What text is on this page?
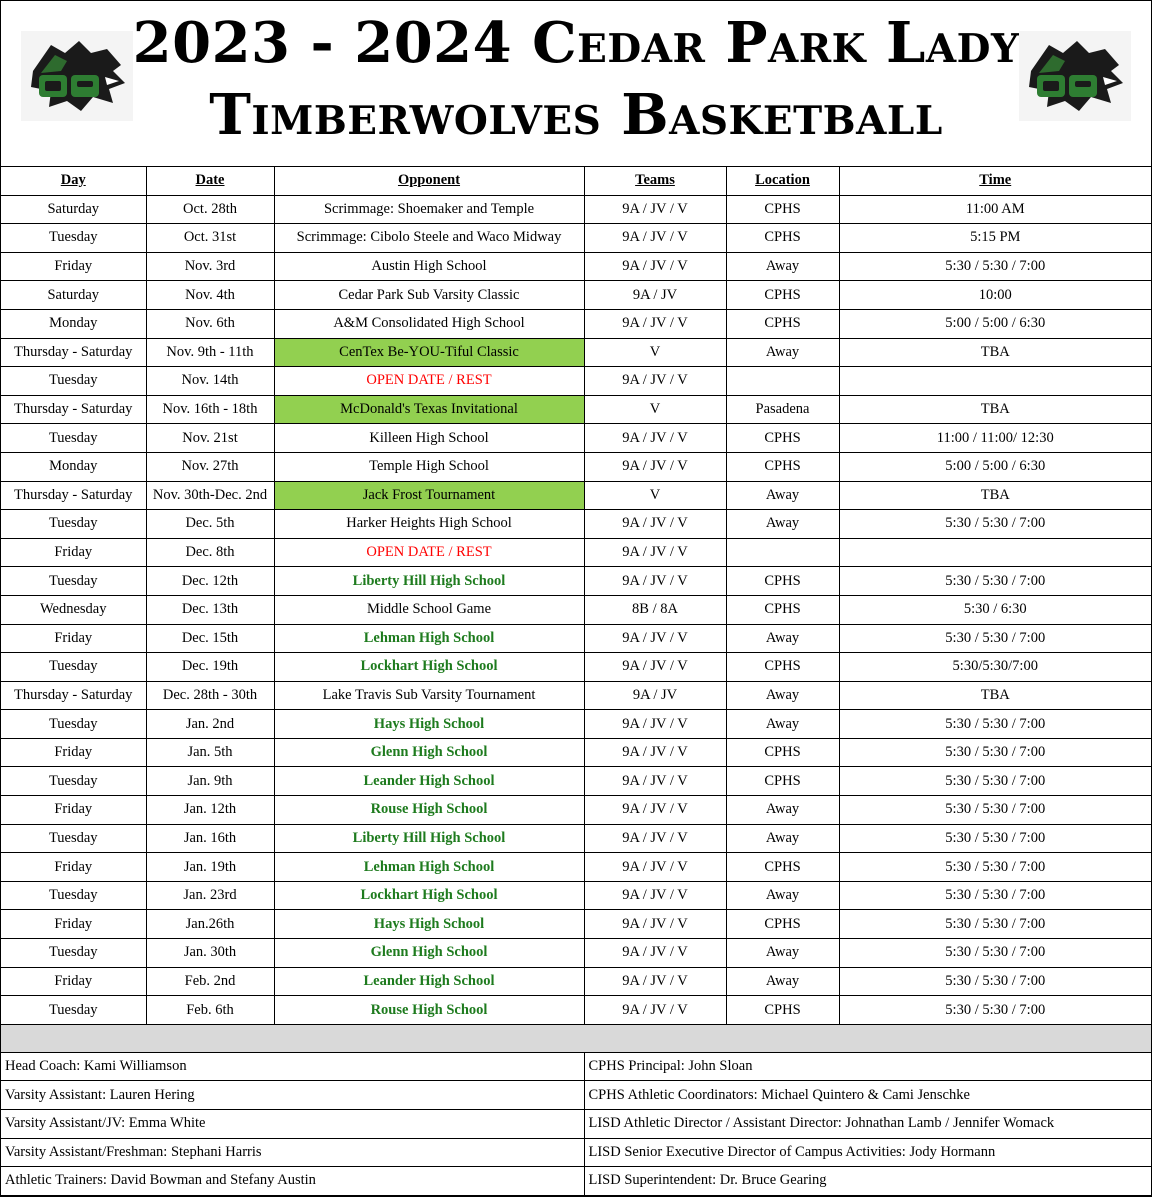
2023 - 2024 Cedar Park Lady
Timberwolves Basketball
Day	Date	Opponent	Teams	Location	Time
Saturday	Oct. 28th	Scrimmage: Shoemaker and Temple	9A / JV / V	CPHS	11:00 AM
Tuesday	Oct. 31st	Scrimmage: Cibolo Steele and Waco Midway	9A / JV / V	CPHS	5:15 PM
Friday	Nov. 3rd	Austin High School	9A / JV / V	Away	5:30 / 5:30 / 7:00
Saturday	Nov. 4th	Cedar Park Sub Varsity Classic	9A / JV	CPHS	10:00
Monday	Nov. 6th	A&M Consolidated High School	9A / JV / V	CPHS	5:00 / 5:00 / 6:30
Thursday - Saturday	Nov. 9th - 11th	CenTex Be-YOU-Tiful Classic	V	Away	TBA
Tuesday	Nov. 14th	OPEN DATE / REST	9A / JV / V		
Thursday - Saturday	Nov. 16th - 18th	McDonald's Texas Invitational	V	Pasadena	TBA
Tuesday	Nov. 21st	Killeen High School	9A / JV / V	CPHS	11:00 / 11:00/ 12:30
Monday	Nov. 27th	Temple High School	9A / JV / V	CPHS	5:00 / 5:00 / 6:30
Thursday - Saturday	Nov. 30th-Dec. 2nd	Jack Frost Tournament	V	Away	TBA
Tuesday	Dec. 5th	Harker Heights High School	9A / JV / V	Away	5:30 / 5:30 / 7:00
Friday	Dec. 8th	OPEN DATE / REST	9A / JV / V		
Tuesday	Dec. 12th	Liberty Hill High School	9A / JV / V	CPHS	5:30 / 5:30 / 7:00
Wednesday	Dec. 13th	Middle School Game	8B / 8A	CPHS	5:30 / 6:30
Friday	Dec. 15th	Lehman High School	9A / JV / V	Away	5:30 / 5:30 / 7:00
Tuesday	Dec. 19th	Lockhart High School	9A / JV / V	CPHS	5:30/5:30/7:00
Thursday - Saturday	Dec. 28th - 30th	Lake Travis Sub Varsity Tournament	9A / JV	Away	TBA
Tuesday	Jan. 2nd	Hays High School	9A / JV / V	Away	5:30 / 5:30 / 7:00
Friday	Jan. 5th	Glenn High School	9A / JV / V	CPHS	5:30 / 5:30 / 7:00
Tuesday	Jan. 9th	Leander High School	9A / JV / V	CPHS	5:30 / 5:30 / 7:00
Friday	Jan. 12th	Rouse High School	9A / JV / V	Away	5:30 / 5:30 / 7:00
Tuesday	Jan. 16th	Liberty Hill High School	9A / JV / V	Away	5:30 / 5:30 / 7:00
Friday	Jan. 19th	Lehman High School	9A / JV / V	CPHS	5:30 / 5:30 / 7:00
Tuesday	Jan. 23rd	Lockhart High School	9A / JV / V	Away	5:30 / 5:30 / 7:00
Friday	Jan.26th	Hays High School	9A / JV / V	CPHS	5:30 / 5:30 / 7:00
Tuesday	Jan. 30th	Glenn High School	9A / JV / V	Away	5:30 / 5:30 / 7:00
Friday	Feb. 2nd	Leander High School	9A / JV / V	Away	5:30 / 5:30 / 7:00
Tuesday	Feb. 6th	Rouse High School	9A / JV / V	CPHS	5:30 / 5:30 / 7:00

Head Coach: Kami Williamson			CPHS Principal: John Sloan		
Varsity Assistant: Lauren Hering			CPHS Athletic Coordinators: Michael Quintero & Cami Jenschke		
Varsity Assistant/JV: Emma White			LISD Athletic Director / Assistant Director: Johnathan Lamb / Jennifer Womack		
Varsity Assistant/Freshman: Stephani Harris			LISD Senior Executive Director of Campus Activities: Jody Hormann		
Athletic Trainers: David Bowman and Stefany Austin			LISD Superintendent: Dr. Bruce Gearing		
